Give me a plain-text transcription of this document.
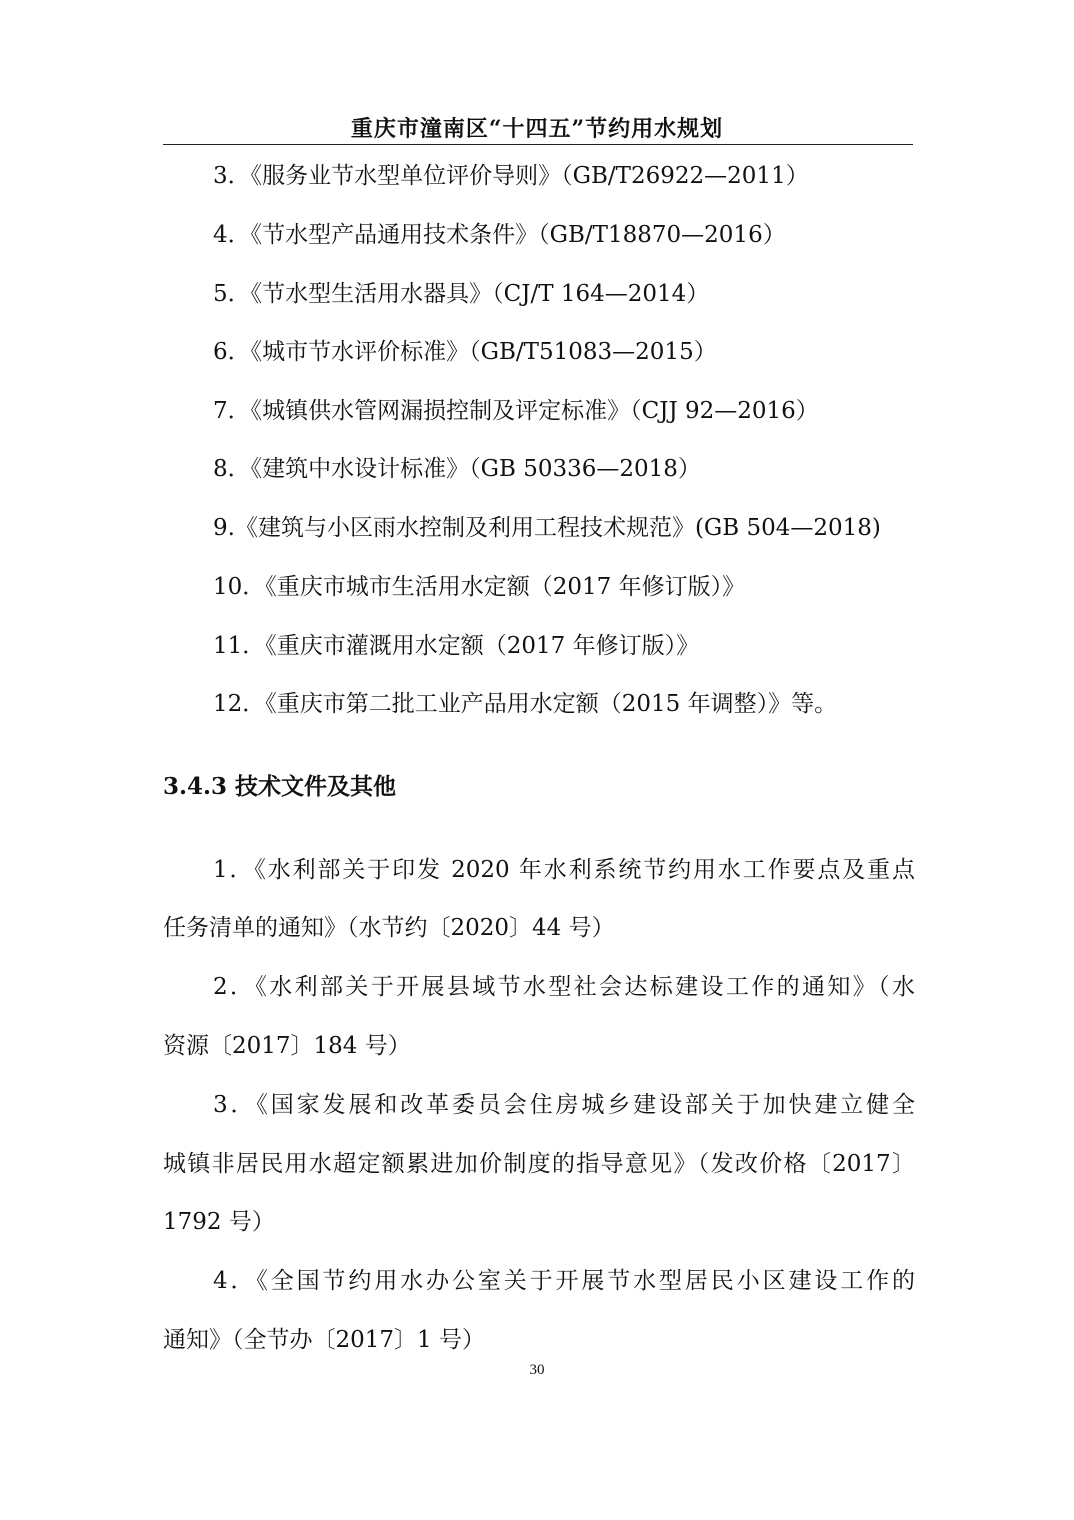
重庆市潼南区“十四五”节约用水规划
3．《服务业节水型单位评价导则》（GB/T26922—2011）
4．《节水型产品通用技术条件》（GB/T18870—2016）
5．《节水型生活用水器具》（CJ/T 164—2014）
6．《城市节水评价标准》（GB/T51083—2015）
7．《城镇供水管网漏损控制及评定标准》（CJJ 92—2016）
8．《建筑中水设计标准》（GB 50336—2018）
9.《建筑与小区雨水控制及利用工程技术规范》(GB 504—2018)
10．《重庆市城市生活用水定额（2017 年修订版）》
11．《重庆市灌溉用水定额（2017 年修订版）》
12．《重庆市第二批工业产品用水定额（2015 年调整）》等。
3.4.3 技术文件及其他
1．《水利部关于印发 2020 年水利系统节约用水工作要点及重点
任务清单的通知》（水节约〔2020〕44 号）
2．《水利部关于开展县域节水型社会达标建设工作的通知》（水
资源〔2017〕184 号）
3．《国家发展和改革委员会住房城乡建设部关于加快建立健全
城镇非居民用水超定额累进加价制度的指导意见》（发改价格〔2017〕
1792 号）
4．《全国节约用水办公室关于开展节水型居民小区建设工作的
通知》（全节办〔2017〕1 号）
30
